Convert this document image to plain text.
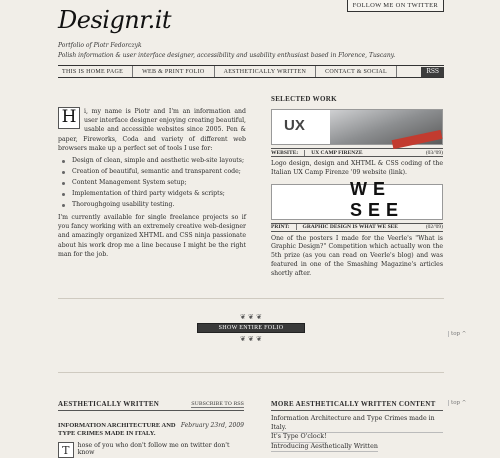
FOLLOW ME ON TWITTER
Designr.it
Portfolio of Piotr Fedorczyk
Polish information & user interface designer, accessibility and usability enthusiast based in Florence, Tuscany.
THIS IS HOME PAGE	WEB & PRINT FOLIO	AESTHETICALLY WRITTEN	CONTACT & SOCIAL	RSS
H	i, my name is Piotr and I'm an information and user interface designer enjoying creating beautiful, usable and accessible websites since 2005. Pen & paper, Fireworks, Coda and variety of different web browsers make up a perfect set of tools I use for:

Design of clean, simple and aesthetic web-site layouts;
Creation of beautiful, semantic and transparent code;
Content Management System setup;
Implementation of third party widgets & scripts;
Thoroughgoing usability testing.

I'm currently available for single freelance projects so if you fancy working with an extremely creative web-designer and amazingly organized XHTML and CSS ninja passionate about his work drop me a line because I might be the right man for the job.

SELECTED WORK
UX
WEBSITE:	UX CAMP FIRENZE	(03/'09)
Logo design, design and XHTML & CSS coding of the Italian UX Camp Firenze '09 website (link).
WE SEE
PRINT:	GRAPHIC DESIGN IS WHAT WE SEE	(02/'09)
One of the posters I made for the Veerle's "What is Graphic Design?" Competition which actually won the 5th prize (as you can read on Veerle's blog) and was featured in one of the Smashing Magazine's articles shortly after.
❦ ❦ ❦
SHOW ENTIRE FOLIO
❦ ❦ ❦
top ^
AESTHETICALLY WRITTEN	SUBSCRIBE TO RSS
INFORMATION ARCHITECTURE AND TYPE CRIMES MADE IN ITALY.
February 23rd, 2009
T	hose of you who don't follow me on twitter don't know
MORE AESTHETICALLY WRITTEN CONTENT
Information Architecture and Type Crimes made in Italy.
It's Type O'clock!
Introducing Aesthetically Written
top ^
